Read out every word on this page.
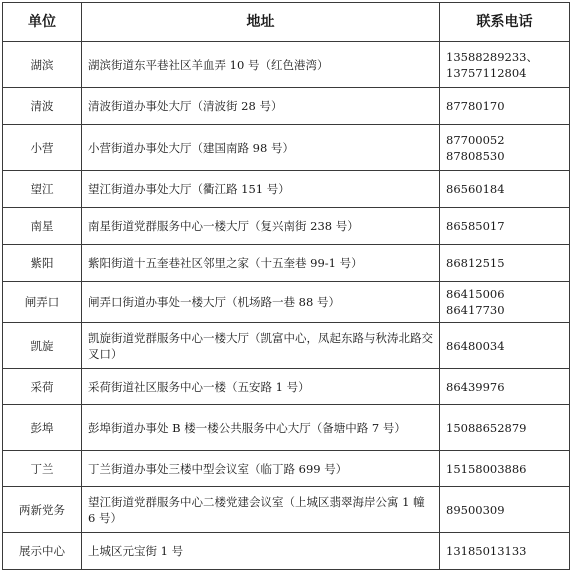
单位	地址	联系电话
湖滨	湖滨街道东平巷社区羊血弄 10 号（红色港湾）	13588289233、
13757112804

清波	清波街道办事处大厅（清波街 28 号）	87780170

小营	小营街道办事处大厅（建国南路 98 号）	87700052
87808530

望江	望江街道办事处大厅（衢江路 151 号）	86560184

南星	南星街道党群服务中心一楼大厅（复兴南街 238 号）	86585017

紫阳	紫阳街道十五奎巷社区邻里之家（十五奎巷 99-1 号）	86812515

闸弄口	闸弄口街道办事处一楼大厅（机场路一巷 88 号）	86415006
86417730

凯旋	凯旋街道党群服务中心一楼大厅（凯富中心，凤起东路与秋涛北路交叉口）	86480034

采荷	采荷街道社区服务中心一楼（五安路 1 号）	86439976

彭埠	彭埠街道办事处 B 楼一楼公共服务中心大厅（备塘中路 7 号）	15088652879

丁兰	丁兰街道办事处三楼中型会议室（临丁路 699 号）	15158003886

两新党务	望江街道党群服务中心二楼党建会议室（上城区翡翠海岸公寓 1 幢 6 号）	89500309

展示中心	上城区元宝街 1 号	13185013133
